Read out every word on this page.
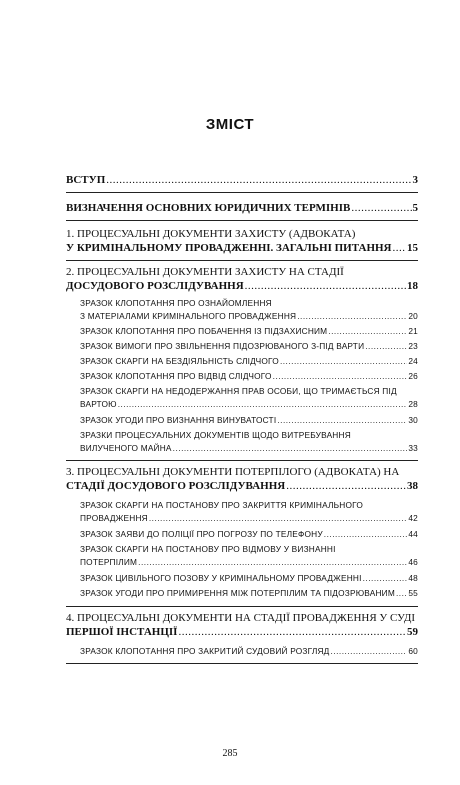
ЗМІСТ
ВСТУП .....	3
ВИЗНАЧЕННЯ ОСНОВНИХ ЮРИДИЧНИХ ТЕРМІНІВ .....	5
1. ПРОЦЕСУАЛЬНІ ДОКУМЕНТИ ЗАХИСТУ (АДВОКАТА)
У КРИМІНАЛЬНОМУ ПРОВАДЖЕННІ. ЗАГАЛЬНІ ПИТАННЯ ..... 15
2. ПРОЦЕСУАЛЬНІ ДОКУМЕНТИ ЗАХИСТУ НА СТАДІЇ
ДОСУДОВОГО РОЗСЛІДУВАННЯ .....	18
ЗРАЗОК КЛОПОТАННЯ ПРО ОЗНАЙОМЛЕННЯ
З МАТЕРІАЛАМИ КРИМІНАЛЬНОГО ПРОВАДЖЕННЯ .....	20
ЗРАЗОК КЛОПОТАННЯ ПРО ПОБАЧЕННЯ ІЗ ПІДЗАХИСНИМ .....	21
ЗРАЗОК ВИМОГИ ПРО ЗВІЛЬНЕННЯ ПІДОЗРЮВАНОГО З-ПІД ВАРТИ .....	23
ЗРАЗОК СКАРГИ НА БЕЗДІЯЛЬНІСТЬ СЛІДЧОГО .....	24
ЗРАЗОК КЛОПОТАННЯ ПРО ВІДВІД СЛІДЧОГО .....	26
ЗРАЗОК СКАРГИ НА НЕДОДЕРЖАННЯ ПРАВ ОСОБИ, ЩО ТРИМАЄТЬСЯ ПІД
ВАРТОЮ .....	28
ЗРАЗОК УГОДИ ПРО ВИЗНАННЯ ВИНУВАТОСТІ .....	30
ЗРАЗКИ ПРОЦЕСУАЛЬНИХ ДОКУМЕНТІВ ЩОДО ВИТРЕБУВАННЯ
ВИЛУЧЕНОГО МАЙНА .....	33
3. ПРОЦЕСУАЛЬНІ ДОКУМЕНТИ ПОТЕРПІЛОГО (АДВОКАТА) НА
СТАДІЇ ДОСУДОВОГО РОЗСЛІДУВАННЯ .....	38
ЗРАЗОК СКАРГИ НА ПОСТАНОВУ ПРО ЗАКРИТТЯ КРИМІНАЛЬНОГО
ПРОВАДЖЕННЯ .....	42
ЗРАЗОК ЗАЯВИ ДО ПОЛІЦІЇ ПРО ПОГРОЗУ ПО ТЕЛЕФОНУ .....	44
ЗРАЗОК СКАРГИ НА ПОСТАНОВУ ПРО ВІДМОВУ У ВИЗНАННІ
ПОТЕРПІЛИМ .....	46
ЗРАЗОК ЦИВІЛЬНОГО ПОЗОВУ У КРИМІНАЛЬНОМУ ПРОВАДЖЕННІ .....	48
ЗРАЗОК УГОДИ ПРО ПРИМИРЕННЯ МІЖ ПОТЕРПІЛИМ ТА ПІДОЗРЮВАНИМ ..... 55
4. ПРОЦЕСУАЛЬНІ ДОКУМЕНТИ НА СТАДІЇ ПРОВАДЖЕННЯ У СУДІ
ПЕРШОЇ ІНСТАНЦІЇ .....	59
ЗРАЗОК КЛОПОТАННЯ ПРО ЗАКРИТИЙ СУДОВИЙ РОЗГЛЯД .....	60
285
